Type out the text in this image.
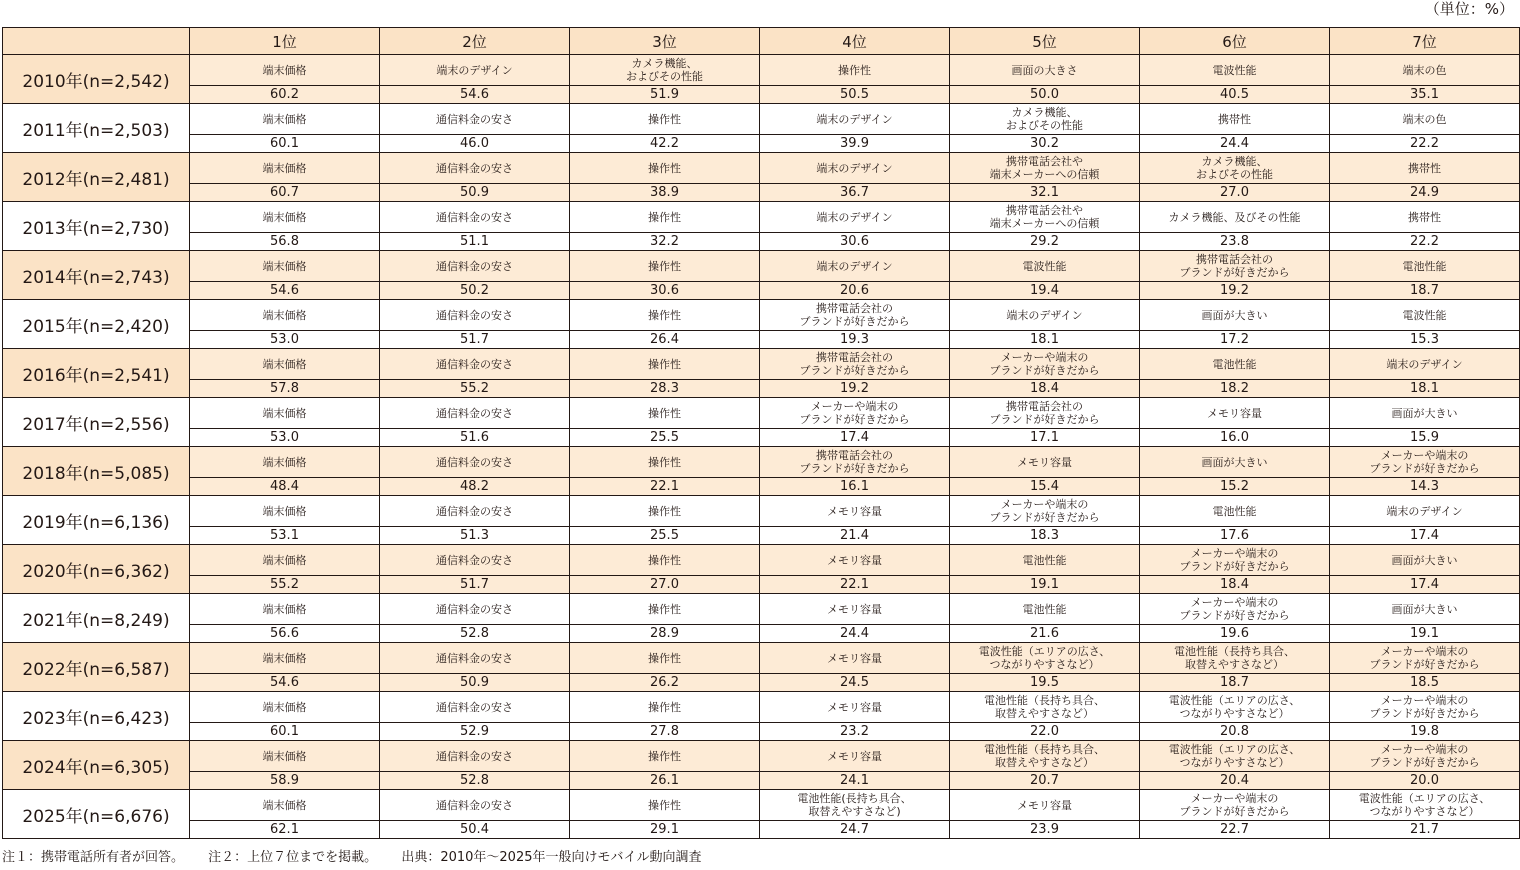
（単位：%）
	1位	2位	3位	4位	5位	6位	7位
2010年(n=2,542)	端末価格	端末のデザイン	カメラ機能、
およびその性能	操作性	画面の大きさ	電波性能	端末の色

	60.2	54.6	51.9	50.5	50.0	40.5	35.1
2011年(n=2,503)	端末価格	通信料金の安さ	操作性	端末のデザイン	カメラ機能、
およびその性能	携帯性	端末の色

	60.1	46.0	42.2	39.9	30.2	24.4	22.2
2012年(n=2,481)	端末価格	通信料金の安さ	操作性	端末のデザイン	携帯電話会社や
端末メーカーへの信頼	カメラ機能、
およびその性能	携帯性

	60.7	50.9	38.9	36.7	32.1	27.0	24.9
2013年(n=2,730)	端末価格	通信料金の安さ	操作性	端末のデザイン	携帯電話会社や
端末メーカーへの信頼	カメラ機能、及びその性能	携帯性

	56.8	51.1	32.2	30.6	29.2	23.8	22.2
2014年(n=2,743)	端末価格	通信料金の安さ	操作性	端末のデザイン	電波性能	携帯電話会社の
ブランドが好きだから	電池性能

	54.6	50.2	30.6	20.6	19.4	19.2	18.7
2015年(n=2,420)	端末価格	通信料金の安さ	操作性	携帯電話会社の
ブランドが好きだから	端末のデザイン	画面が大きい	電波性能

	53.0	51.7	26.4	19.3	18.1	17.2	15.3
2016年(n=2,541)	端末価格	通信料金の安さ	操作性	携帯電話会社の
ブランドが好きだから	メーカーや端末の
ブランドが好きだから	電池性能	端末のデザイン

	57.8	55.2	28.3	19.2	18.4	18.2	18.1
2017年(n=2,556)	端末価格	通信料金の安さ	操作性	メーカーや端末の
ブランドが好きだから	携帯電話会社の
ブランドが好きだから	メモリ容量	画面が大きい

	53.0	51.6	25.5	17.4	17.1	16.0	15.9
2018年(n=5,085)	端末価格	通信料金の安さ	操作性	携帯電話会社の
ブランドが好きだから	メモリ容量	画面が大きい	メーカーや端末の
ブランドが好きだから

	48.4	48.2	22.1	16.1	15.4	15.2	14.3
2019年(n=6,136)	端末価格	通信料金の安さ	操作性	メモリ容量	メーカーや端末の
ブランドが好きだから	電池性能	端末のデザイン

	53.1	51.3	25.5	21.4	18.3	17.6	17.4
2020年(n=6,362)	端末価格	通信料金の安さ	操作性	メモリ容量	電池性能	メーカーや端末の
ブランドが好きだから	画面が大きい

	55.2	51.7	27.0	22.1	19.1	18.4	17.4
2021年(n=8,249)	端末価格	通信料金の安さ	操作性	メモリ容量	電池性能	メーカーや端末の
ブランドが好きだから	画面が大きい

	56.6	52.8	28.9	24.4	21.6	19.6	19.1
2022年(n=6,587)	端末価格	通信料金の安さ	操作性	メモリ容量	電波性能（エリアの広さ、
つながりやすさなど）	電池性能（長持ち具合、
取替えやすさなど）	メーカーや端末の
ブランドが好きだから

	54.6	50.9	26.2	24.5	19.5	18.7	18.5
2023年(n=6,423)	端末価格	通信料金の安さ	操作性	メモリ容量	電池性能（長持ち具合、
取替えやすさなど）	電波性能（エリアの広さ、
つながりやすさなど）	メーカーや端末の
ブランドが好きだから

	60.1	52.9	27.8	23.2	22.0	20.8	19.8
2024年(n=6,305)	端末価格	通信料金の安さ	操作性	メモリ容量	電池性能（長持ち具合、
取替えやすさなど）	電波性能（エリアの広さ、
つながりやすさなど）	メーカーや端末の
ブランドが好きだから

	58.9	52.8	26.1	24.1	20.7	20.4	20.0
2025年(n=6,676)	端末価格	通信料金の安さ	操作性	電池性能(長持ち具合、
取替えやすさなど)	メモリ容量	メーカーや端末の
ブランドが好きだから	電波性能（エリアの広さ、
つながりやすさなど）

	62.1	50.4	29.1	24.7	23.9	22.7	21.7
注１：携帯電話所有者が回答。 注２：上位７位までを掲載。 出典：2010年～2025年一般向けモバイル動向調査
